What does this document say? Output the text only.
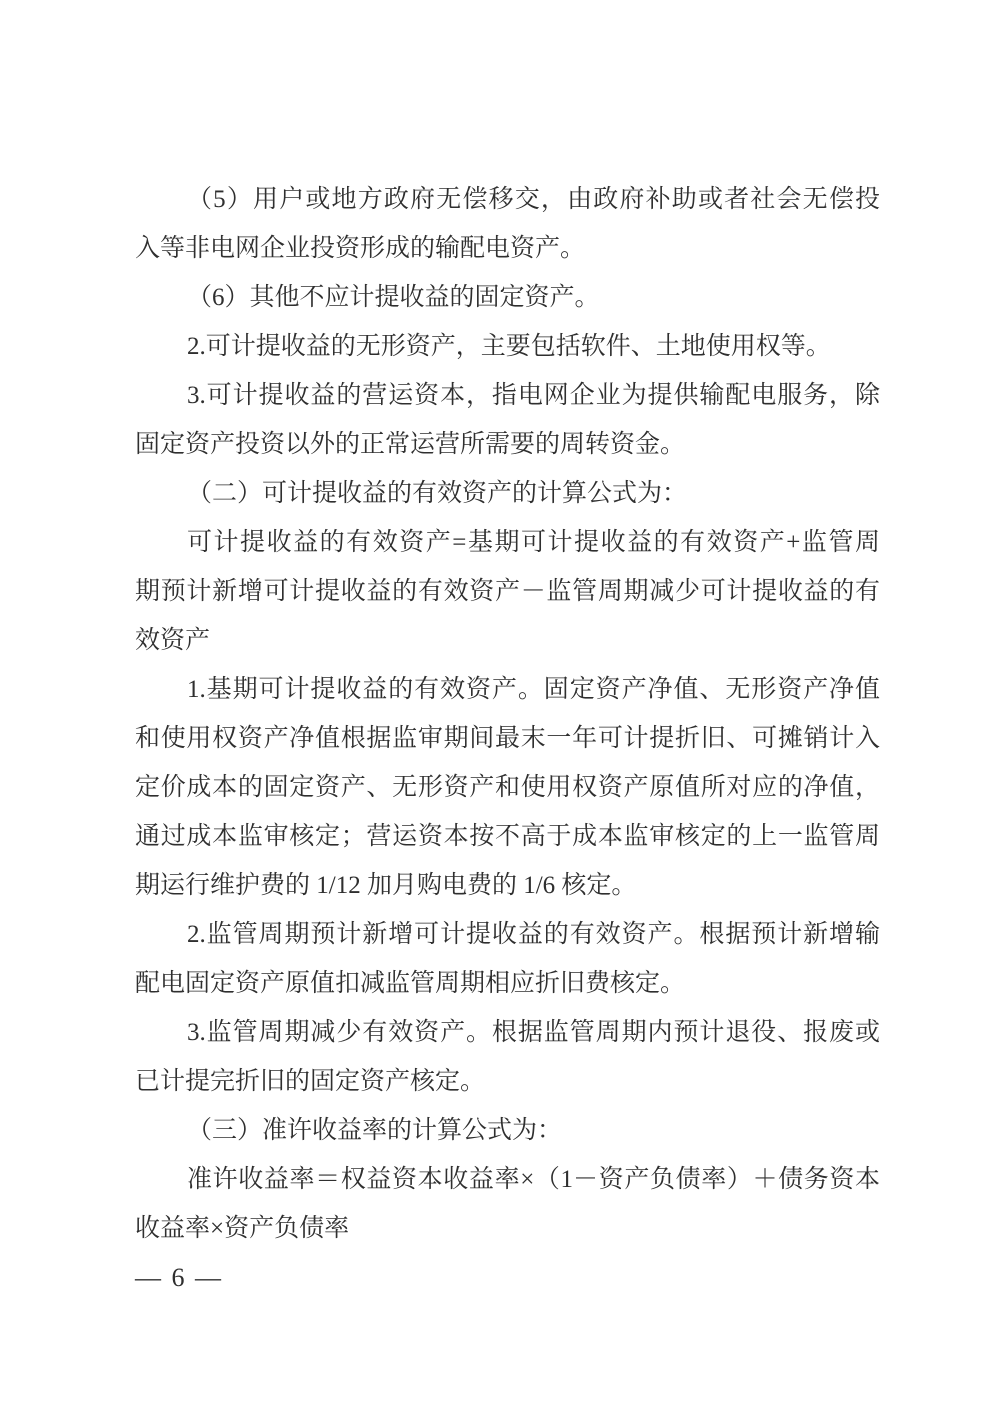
（5）用户或地方政府无偿移交，由政府补助或者社会无偿投
入等非电网企业投资形成的输配电资产。
（6）其他不应计提收益的固定资产。
2.可计提收益的无形资产，主要包括软件、土地使用权等。
3.可计提收益的营运资本，指电网企业为提供输配电服务，除
固定资产投资以外的正常运营所需要的周转资金。
（二）可计提收益的有效资产的计算公式为：
可计提收益的有效资产=基期可计提收益的有效资产+监管周
期预计新增可计提收益的有效资产－监管周期减少可计提收益的有
效资产
1.基期可计提收益的有效资产。固定资产净值、无形资产净值
和使用权资产净值根据监审期间最末一年可计提折旧、可摊销计入
定价成本的固定资产、无形资产和使用权资产原值所对应的净值，
通过成本监审核定；营运资本按不高于成本监审核定的上一监管周
期运行维护费的 1/12 加月购电费的 1/6 核定。
2.监管周期预计新增可计提收益的有效资产。根据预计新增输
配电固定资产原值扣减监管周期相应折旧费核定。
3.监管周期减少有效资产。根据监管周期内预计退役、报废或
已计提完折旧的固定资产核定。
（三）准许收益率的计算公式为：
准许收益率＝权益资本收益率×（1－资产负债率）＋债务资本
收益率×资产负债率
— 6 —
